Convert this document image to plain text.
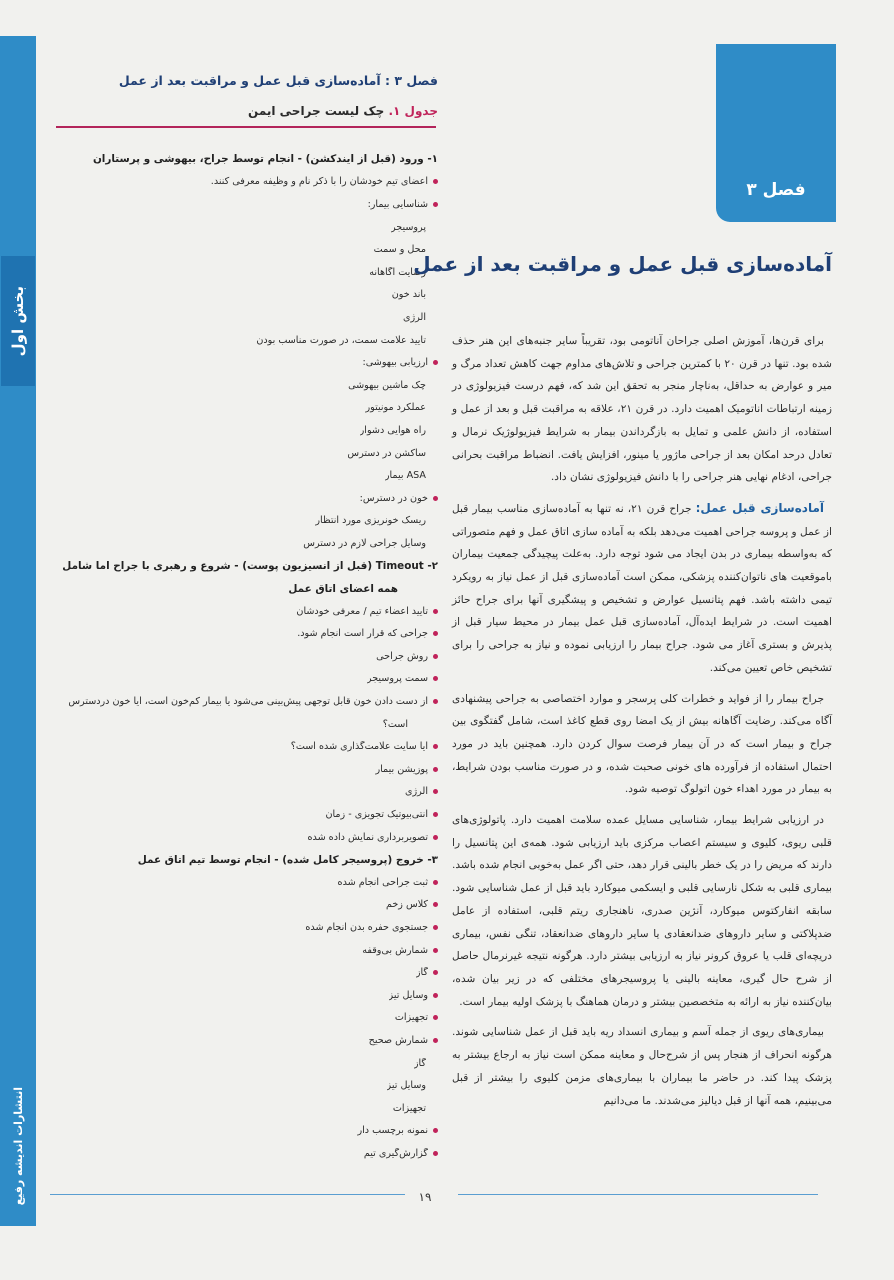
بخش اول
انتشارات اندیشه رفیع
فصل ۳ : آماده‌سازی قبل عمل و مراقبت بعد از عمل
جدول ۱. چک لیست جراحی ایمن
۱- ورود (قبل از ایندکشن) - انجام توسط جراح، بیهوشی و پرستاران
اعضای تیم خودشان را با ذکر نام و وظیفه معرفی کنند.
شناسایی بیمار:
پروسیجر
محل و سمت
رضایت آگاهانه
باند خون
آلرژی
تأیید علامت سمت، در صورت مناسب بودن
ارزیابی بیهوشی:
چک ماشین بیهوشی
عملکرد مونیتور
راه هوایی دشوار
ساکشن در دسترس
ASA بیمار
خون در دسترس:
ریسک خونریزی مورد انتظار
وسایل جراحی لازم در دسترس
۲- Timeout (قبل از انسیزیون پوست) - شروع و رهبری با جراح اما شامل
همه اعضای اتاق عمل
تأیید اعضاء تیم / معرفی خودشان
جراحی که قرار است انجام شود.
روش جراحی
سمت پروسیجر
از دست دادن خون قابل توجهی پیش‌بینی می‌شود یا بیمار کم‌خون است، آیا خون دردسترس
است؟
آیا سایت علامت‌گذاری شده است؟
پوزیشن بیمار
آلرژی
آنتی‌بیوتیک تجویزی - زمان
تصویربرداری نمایش داده شده
۳- خروج (پروسیجر کامل شده) - انجام توسط تیم اتاق عمل
ثبت جراحی انجام شده
کلاس زخم
جستجوی حفره بدن انجام شده
شمارش بی‌وقفه
گاز
وسایل تیز
تجهیزات
شمارش صحیح
گاز
وسایل تیز
تجهیزات
نمونه برچسب دار
گزارش‌گیری تیم
۱۹
فصل ۳
آماده‌سازی قبل عمل و مراقبت بعد از عمل

برای قرن‌ها، آموزش اصلی جراحان آناتومی بود، تقریباً سایر جنبه‌های این هنر حذف شده بود. تنها در قرن ۲۰ با کمترین جراحی و تلاش‌های مداوم جهت کاهش تعداد مرگ و میر و عوارض به حداقل، به‌ناچار منجر به تحقق این شد که، فهم درست فیزیولوژی در زمینه ارتباطات اناتومیک اهمیت دارد. در قرن ۲۱، علاقه به مراقبت قبل و بعد از عمل و استفاده، از دانش علمی و تمایل به بازگرداندن بیمار به شرایط فیزیولوژیک نرمال و تعادل درحد امکان بعد از جراحی ماژور یا مینور، افزایش یافت. انضباط مراقبت بحرانی جراحی، ادغام نهایی هنر جراحی را با دانش فیزیولوژی نشان داد.

آماده‌سازی قبل عمل: جراح قرن ۲۱، نه تنها به آماده‌سازی مناسب بیمار قبل از عمل و پروسه جراحی اهمیت می‌دهد بلکه به آماده سازی اتاق عمل و فهم متصوراتی که به‌واسطه بیماری در بدن ایجاد می شود توجه دارد. به‌علت پیچیدگی جمعیت بیماران باموقعیت های ناتوان‌کننده پزشکی، ممکن است آماده‌سازی قبل از عمل نیاز به رویکرد تیمی داشته باشد. فهم پتانسیل عوارض و تشخیص و پیشگیری آنها برای جراح حائز اهمیت است. در شرایط ایده‌آل، آماده‌سازی قبل عمل بیمار در محیط سیار قبل از پذیرش و بستری آغاز می شود. جراح بیمار را ارزیابی نموده و نیاز به جراحی را برای تشخیص خاص تعیین می‌کند.

جراح بیمار را از فواید و خطرات کلی پرسجر و موارد اختصاصی به جراحی پیشنهادی آگاه می‌کند. رضایت آگاهانه بیش از یک امضا روی قطع کاغذ است، شامل گفتگوی بین جراح و بیمار است که در آن بیمار فرصت سوال کردن دارد. همچنین باید در مورد احتمال استفاده از فرآورده های خونی صحبت شده، و در صورت مناسب بودن شرایط، به بیمار در مورد اهداء خون اتولوگ توصیه شود.

در ارزیابی شرایط بیمار، شناسایی مسایل عمده سلامت اهمیت دارد. پاتولوژی‌های قلبی ریوی، کلیوی و سیستم اعصاب مرکزی باید ارزیابی شود. همه‌ی این پتانسیل را دارند که مریض را در یک خطر بالینی قرار دهد، حتی اگر عمل به‌خوبی انجام شده باشد. بیماری قلبی به شکل نارسایی قلبی و ایسکمی میوکارد باید قبل از عمل شناسایی شود. سابقه انفارکتوس میوکارد، آنژین صدری، ناهنجاری ریتم قلبی، استفاده از عامل ضدپلاکتی و سایر داروهای ضدانعقادی یا سایر داروهای ضدانعقاد، تنگی نفس، بیماری دریچه‌ای قلب یا عروق کرونر نیاز به ارزیابی بیشتر دارد. هرگونه نتیجه غیرنرمال حاصل از شرح حال گیری، معاینه بالینی یا پروسیجرهای مختلفی که در زیر بیان شده، بیان‌کننده نیاز به ارائه به متخصصین بیشتر و درمان هماهنگ با پزشک اولیه بیمار است.

بیماری‌های ریوی از جمله آسم و بیماری انسداد ریه باید قبل از عمل شناسایی شوند. هرگونه انحراف از هنجار پس از شرح‌حال و معاینه ممکن است نیاز به ارجاع بیشتر به پزشک پیدا کند. در حاضر ما بیماران با بیماری‌های مزمن کلیوی را بیشتر از قبل می‌بینیم، همه آنها از قبل دیالیز می‌شدند. ما می‌دانیم
